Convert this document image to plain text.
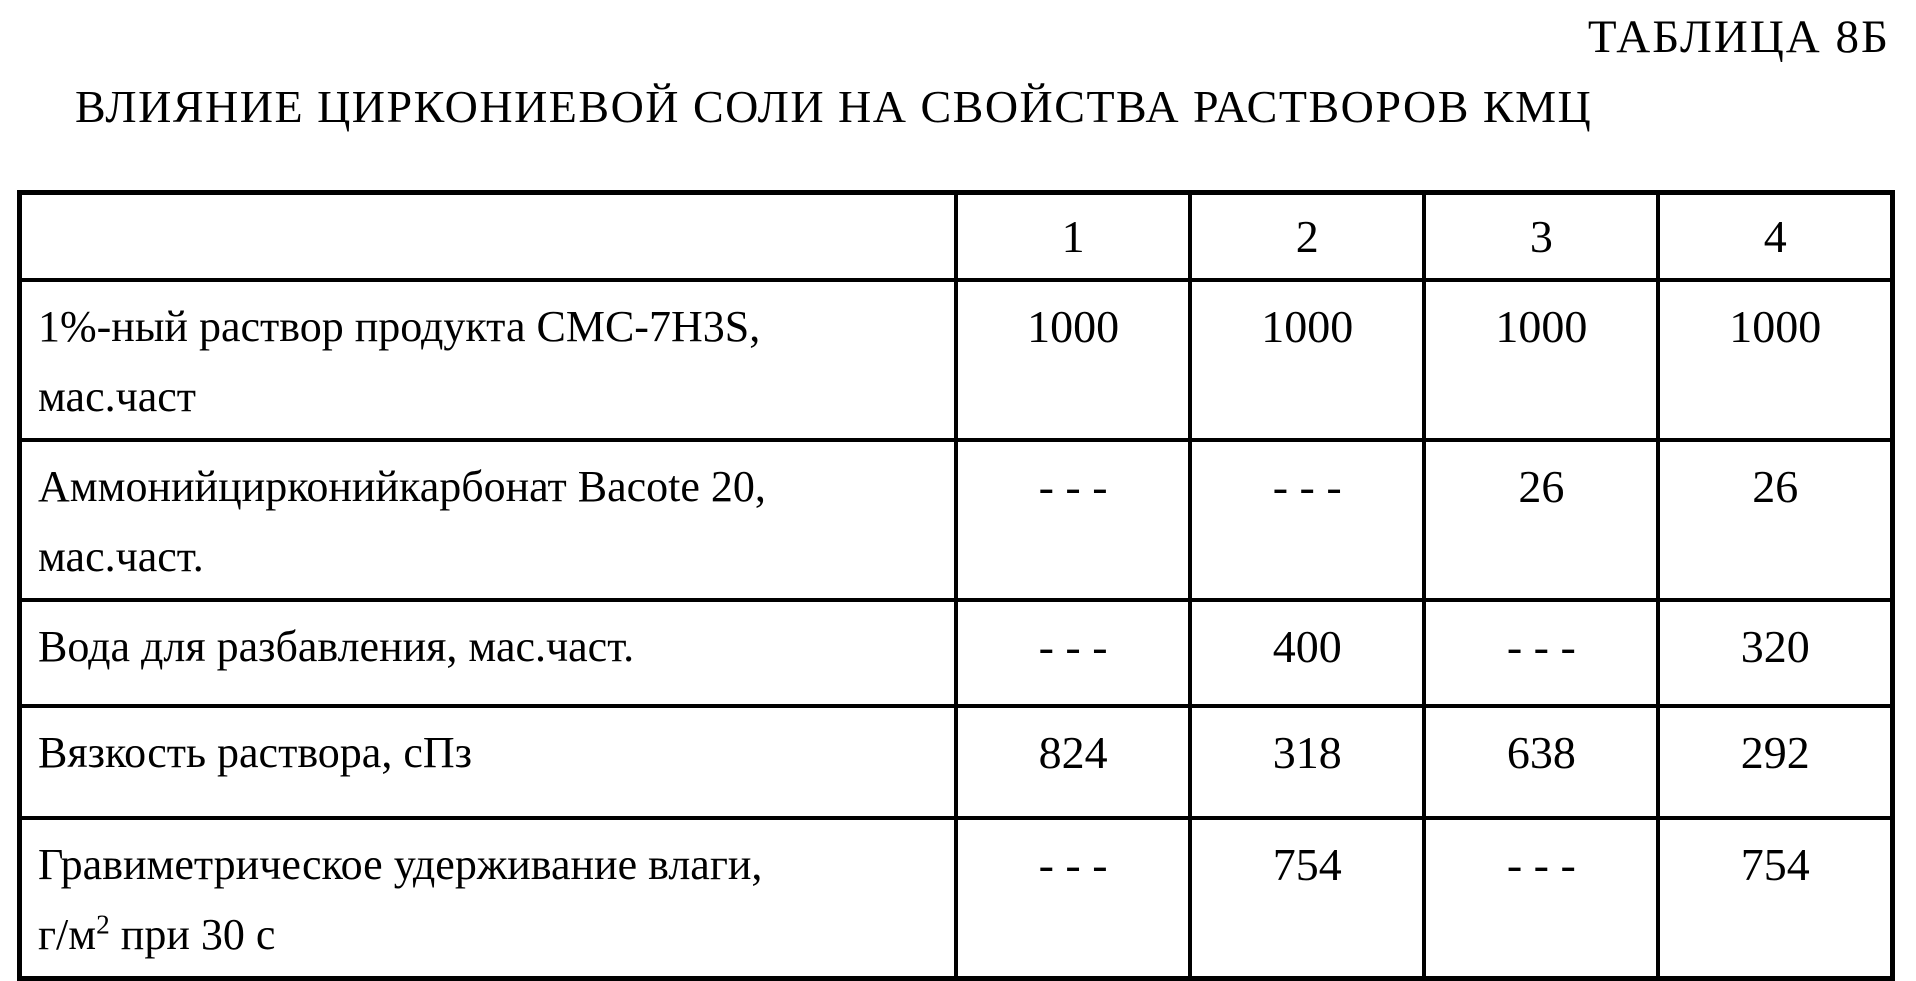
ТАБЛИЦА 8Б
ВЛИЯНИЕ ЦИРКОНИЕВОЙ СОЛИ НА СВОЙСТВА РАСТВОРОВ КМЦ
	1	2	3	4
1%-ный раствор продукта CMC-7H3S,
мас.част	1000	1000	1000	1000
Аммонийцирконийкарбонат Bacote 20,
мас.част.	- - -	- - -	26	26
Вода для разбавления, мас.част.	- - -	400	- - -	320
Вязкость раствора, сПз	824	318	638	292
Гравиметрическое удерживание влаги,
$г/м^2$ при 30 с	- - -	754	- - -	754
